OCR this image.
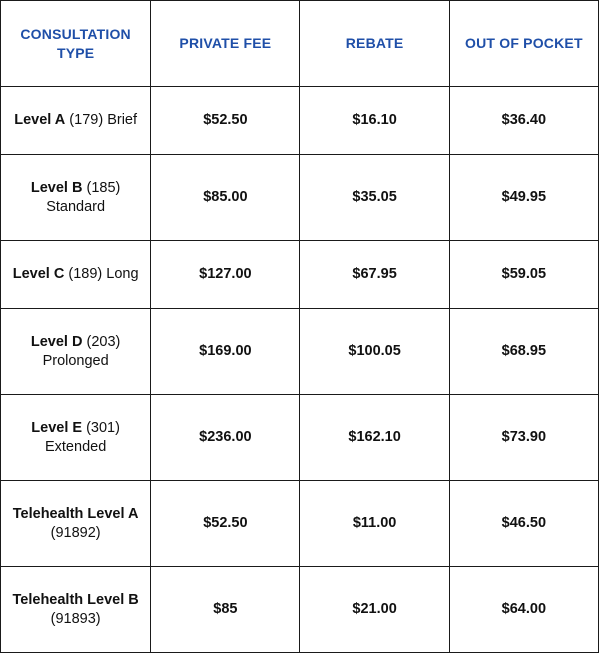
CONSULTATION TYPE	PRIVATE FEE	REBATE	OUT OF POCKET
Level A (179) Brief	$52.50	$16.10	$36.40
Level B (185)
Standard	$85.00	$35.05	$49.95
Level C (189) Long	$127.00	$67.95	$59.05
Level D (203)
Prolonged	$169.00	$100.05	$68.95
Level E (301)
Extended	$236.00	$162.10	$73.90
Telehealth Level A
(91892)	$52.50	$11.00	$46.50
Telehealth Level B
(91893)	$85	$21.00	$64.00
